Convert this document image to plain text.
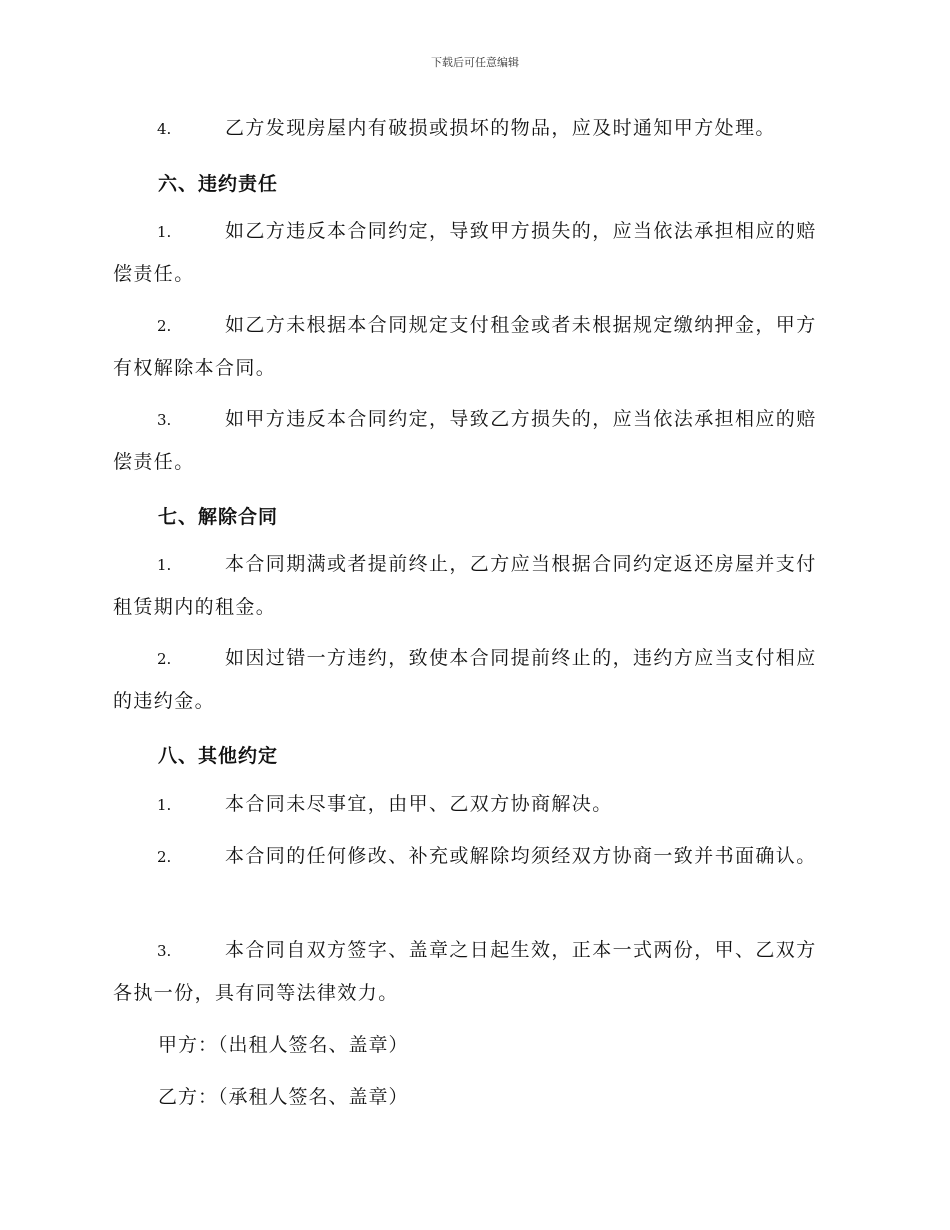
下载后可任意编辑
4.	乙方发现房屋内有破损或损坏的物品，应及时通知甲方处理。
六、违约责任
1.	如乙方违反本合同约定，导致甲方损失的，应当依法承担相应的赔偿责任。
2.	如乙方未根据本合同规定支付租金或者未根据规定缴纳押金，甲方有权解除本合同。
3.	如甲方违反本合同约定，导致乙方损失的，应当依法承担相应的赔偿责任。
七、解除合同
1.	本合同期满或者提前终止，乙方应当根据合同约定返还房屋并支付租赁期内的租金。
2.	如因过错一方违约，致使本合同提前终止的，违约方应当支付相应的违约金。
八、其他约定
1.	本合同未尽事宜，由甲、乙双方协商解决。
2.	本合同的任何修改、补充或解除均须经双方协商一致并书面确认。
3.	本合同自双方签字、盖章之日起生效，正本一式两份，甲、乙双方各执一份，具有同等法律效力。
甲方：（出租人签名、盖章）
乙方：（承租人签名、盖章）
